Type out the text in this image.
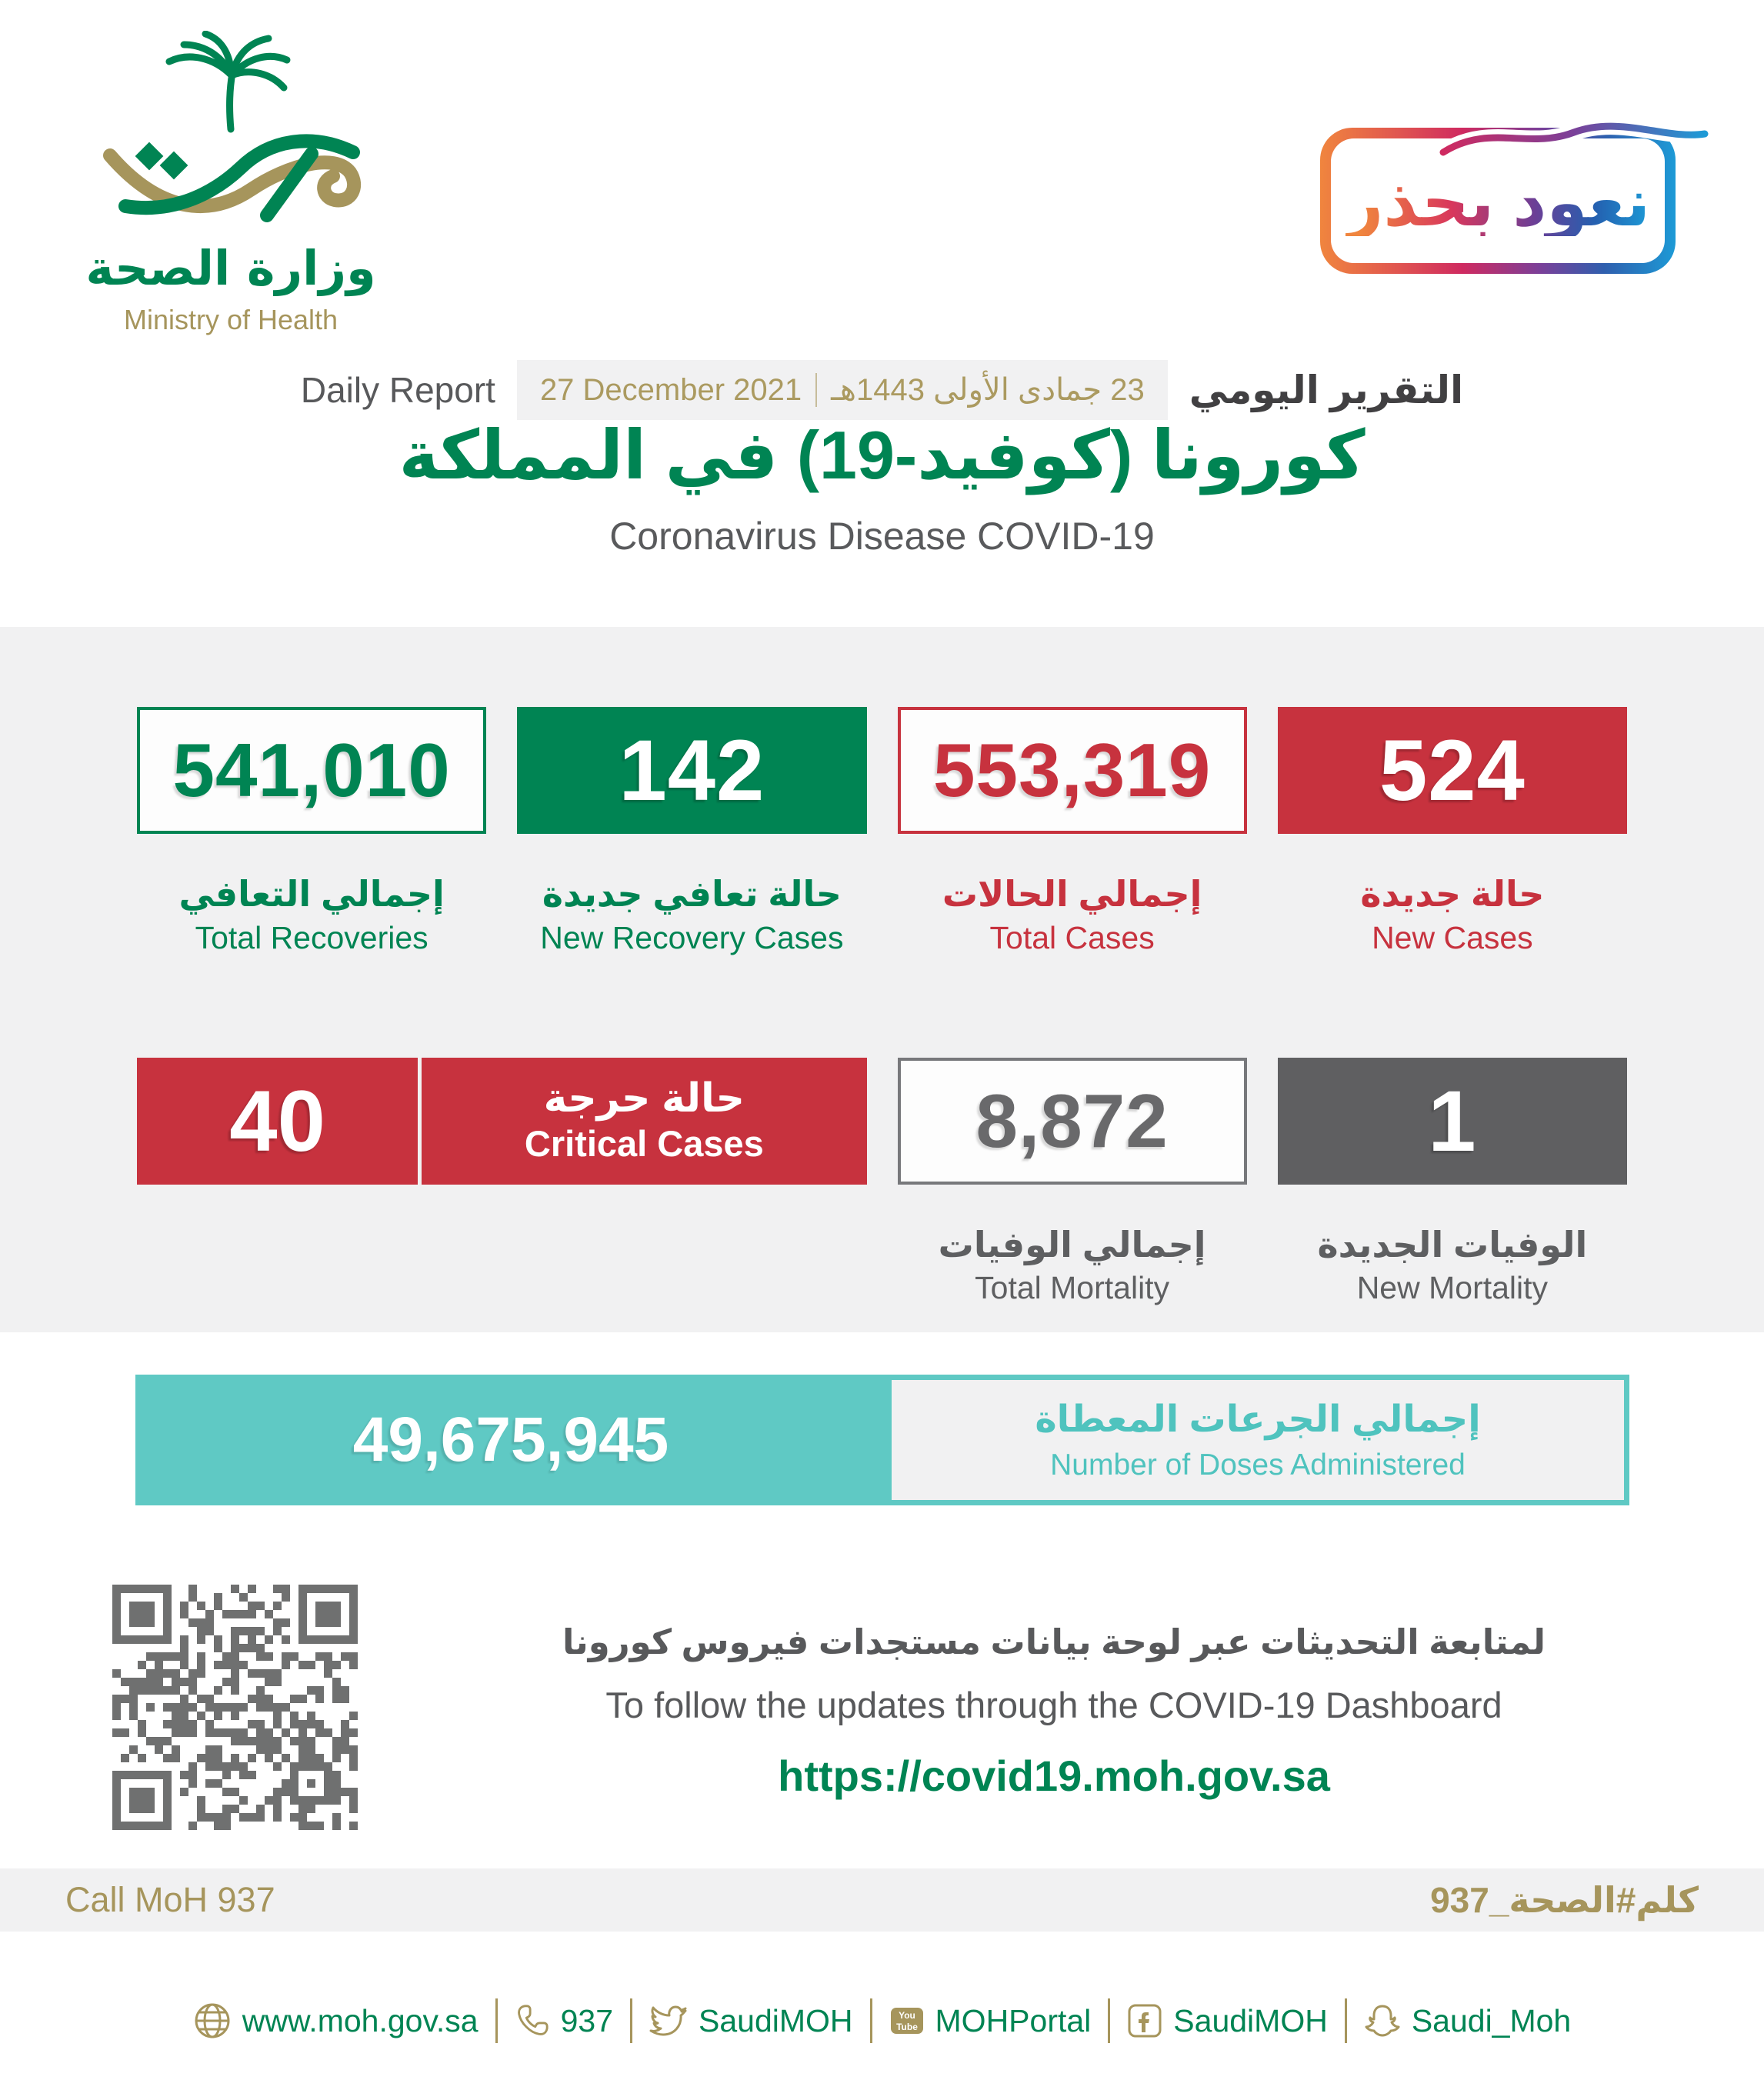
وزارة الصحة
Ministry of Health
نعود بحذر
Daily Report 27 December 2021 23 جمادى الأولى 1443هـ التقرير اليومي
كورونا (كوفيد-19) في المملكة
Coronavirus Disease COVID-19
541,010
إجمالي التعافي
Total Recoveries
142
حالة تعافي جديدة
New Recovery Cases
553,319
إجمالي الحالات
Total Cases
524
حالة جديدة
New Cases
40	حالة حرجة
Critical Cases	8,872
إجمالي الوفيات
Total Mortality
1
الوفيات الجديدة
New Mortality
49,675,945	إجمالي الجرعات المعطاة
Number of Doses Administered
لمتابعة التحديثات عبر لوحة بيانات مستجدات فيروس كورونا
To follow the updates through the COVID-19 Dashboard
https://covid19.moh.gov.sa
Call MoH 937	كلم#الصحة_937
www.moh.gov.sa	937	SaudiMOH	You
Tube MOHPortal	SaudiMOH	Saudi_Moh
